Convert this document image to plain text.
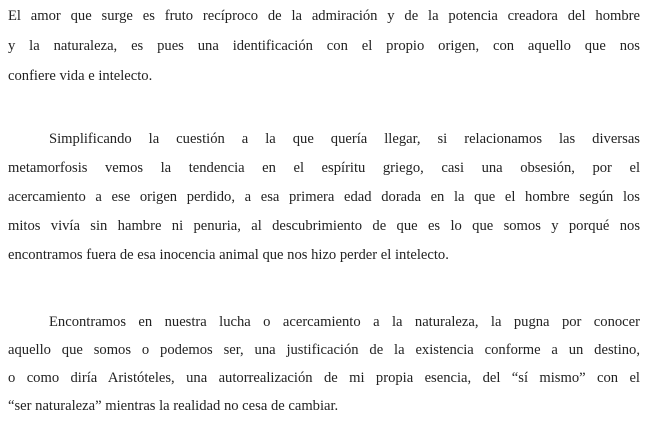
El amor que surge es fruto recíproco de la admiración y de la potencia creadora del hombre
y la naturaleza, es pues una identificación con el propio origen, con aquello que nos
confiere vida e intelecto.
Simplificando la cuestión a la que quería llegar, si relacionamos las diversas
metamorfosis vemos la tendencia en el espíritu griego, casi una obsesión, por el
acercamiento a ese origen perdido, a esa primera edad dorada en la que el hombre según los
mitos vivía sin hambre ni penuria, al descubrimiento de que es lo que somos y porqué nos
encontramos fuera de esa inocencia animal que nos hizo perder el intelecto.
Encontramos en nuestra lucha o acercamiento a la naturaleza, la pugna por conocer
aquello que somos o podemos ser, una justificación de la existencia conforme a un destino,
o como diría Aristóteles, una autorrealización de mi propia esencia, del “sí mismo” con el
“ser naturaleza” mientras la realidad no cesa de cambiar.
